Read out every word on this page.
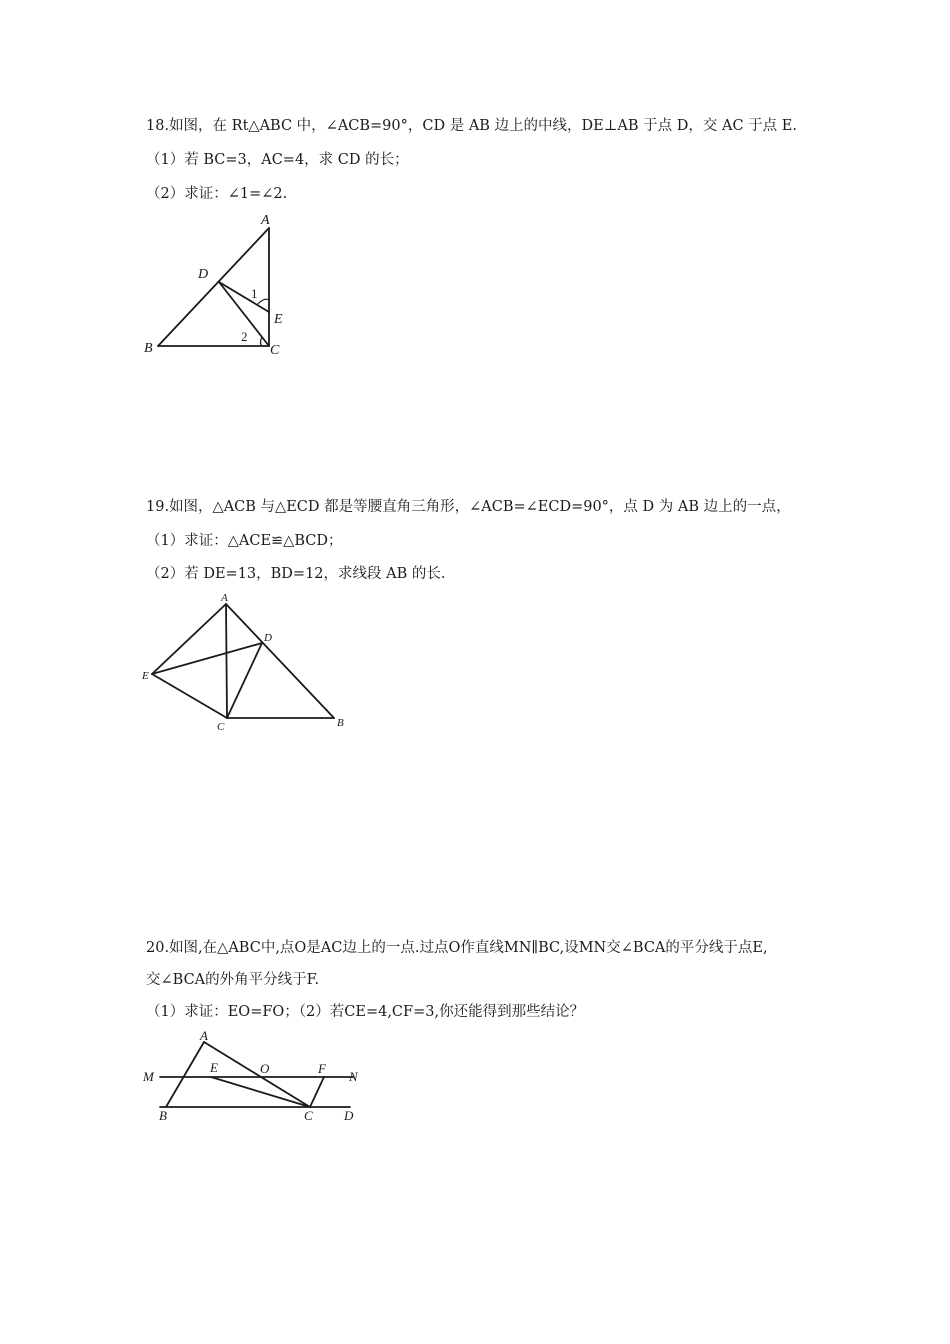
18.如图，在 Rt△ABC 中，∠ACB=90°，CD 是 AB 边上的中线，DE⊥AB 于点 D，交 AC 于点 E.
（1）若 BC=3，AC=4，求 CD 的长；
（2）求证：∠1=∠2.
A
D
E
B	C
1
2
19.如图，△ACB 与△ECD 都是等腰直角三角形，∠ACB=∠ECD=90°，点 D 为 AB 边上的一点，
（1）求证：△ACE≌△BCD；
（2）若 DE=13，BD=12，求线段 AB 的长.
A
D
E
C	B
20.如图,在△ABC中,点O是AC边上的一点.过点O作直线MN∥BC,设MN交∠BCA的平分线于点E,
交∠BCA的外角平分线于F.
（1）求证：EO=FO；（2）若CE=4,CF=3,你还能得到那些结论？
A
M
E	O	F
N
B	C D
